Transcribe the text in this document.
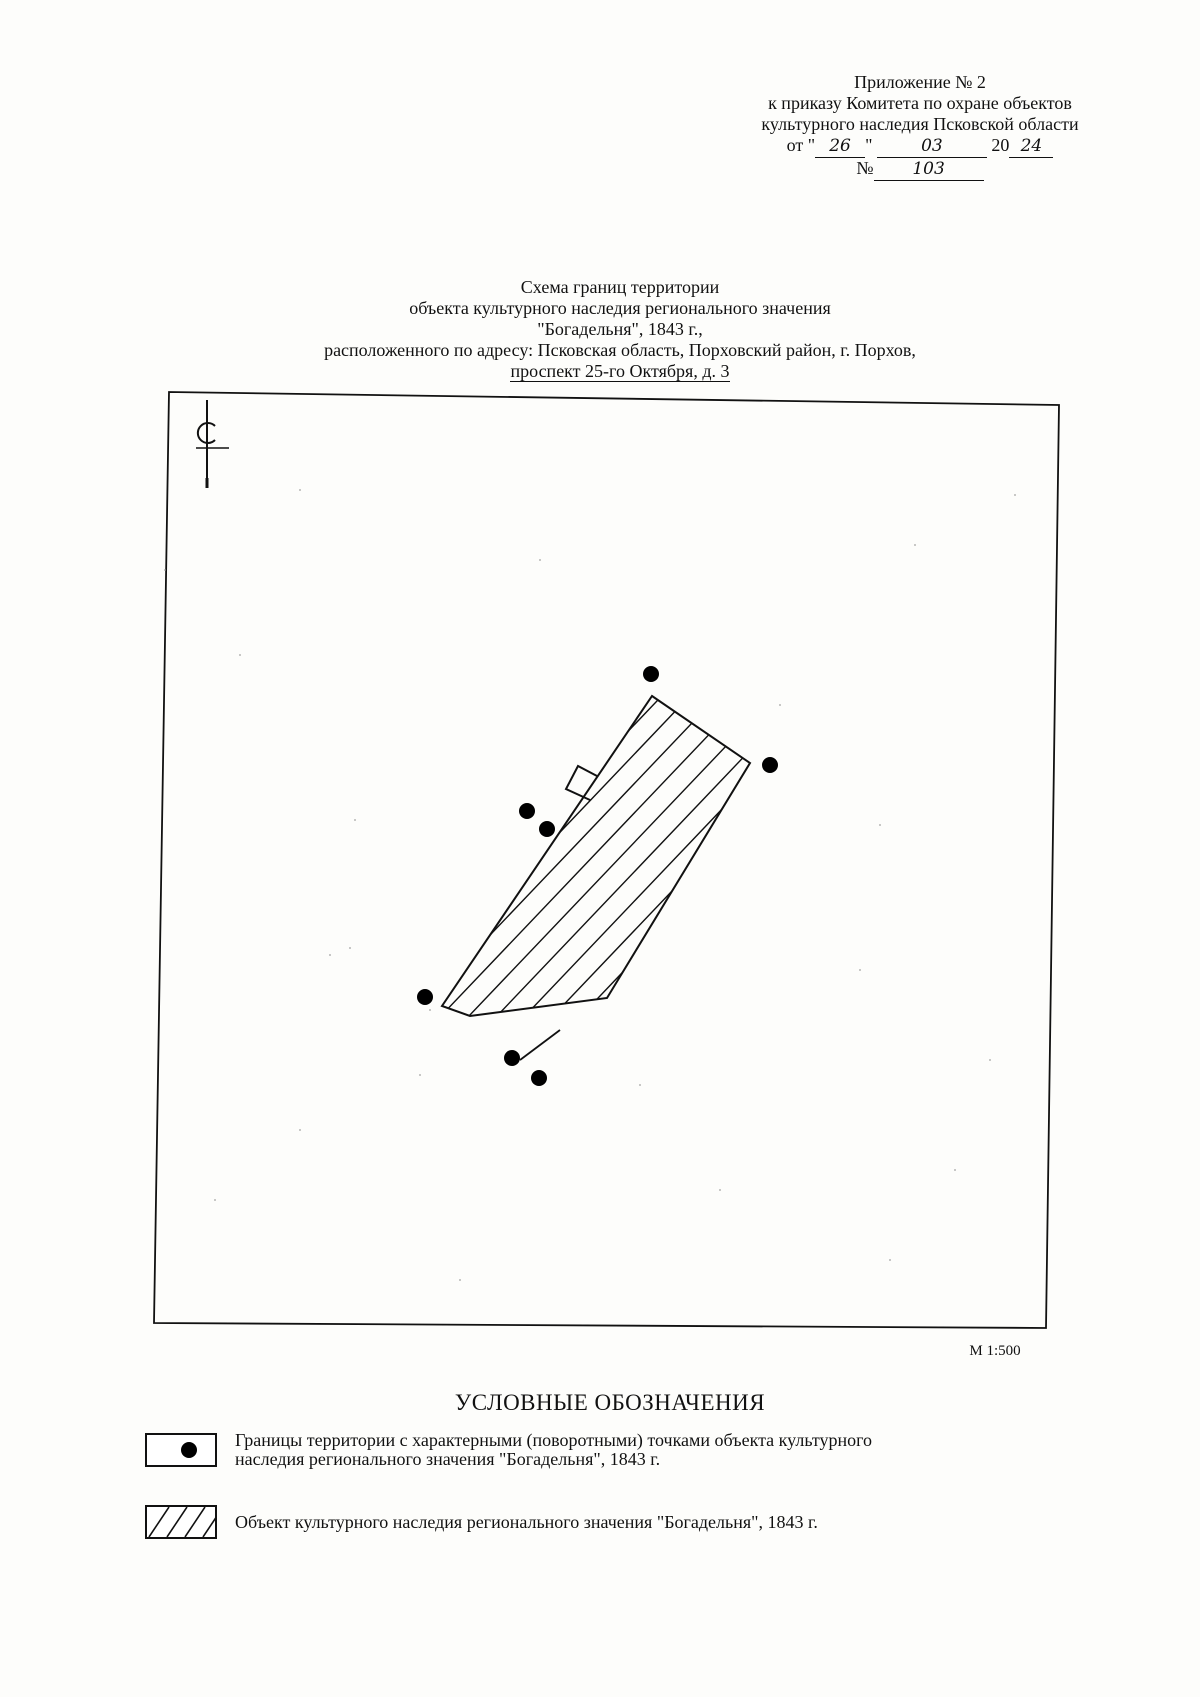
Приложение № 2
к приказу Комитета по охране объектов
культурного наследия Псковской области
от " 26 "	03	20 24
№ 103
Схема границ территории
объекта культурного наследия регионального значения
"Богадельня", 1843 г.,
расположенного по адресу: Псковская область, Порховский район, г. Порхов,
проспект 25-го Октября, д. 3
М 1:500
УСЛОВНЫЕ ОБОЗНАЧЕНИЯ
Границы территории с характерными (поворотными) точками объекта культурного
наследия регионального значения "Богадельня", 1843 г.
Объект культурного наследия регионального значения "Богадельня", 1843 г.
